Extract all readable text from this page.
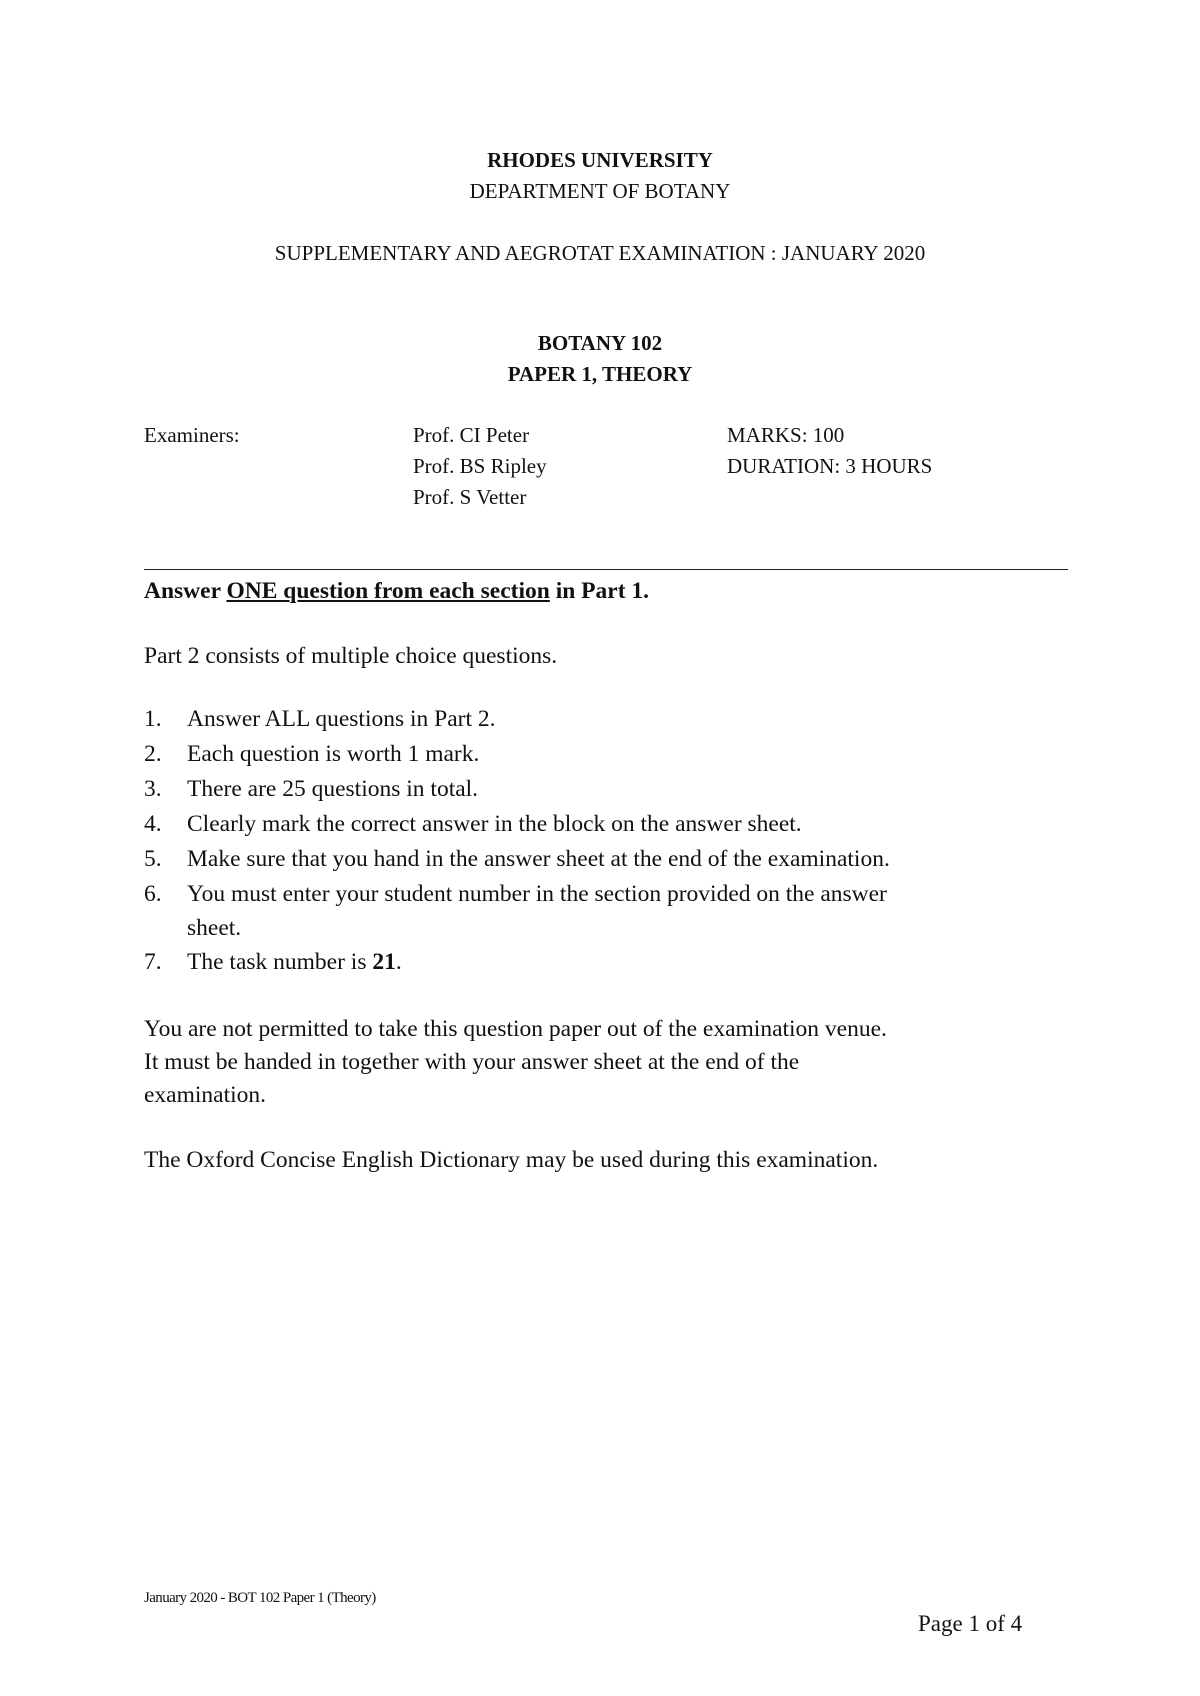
RHODES UNIVERSITY
DEPARTMENT OF BOTANY
SUPPLEMENTARY AND AEGROTAT EXAMINATION : JANUARY 2020
BOTANY 102
PAPER 1, THEORY
Examiners:	Prof. CI Peter
Prof. BS Ripley
Prof. S Vetter
MARKS: 100
DURATION: 3 HOURS
Answer ONE question from each section in Part 1.
Part 2 consists of multiple choice questions.
1. Answer ALL questions in Part 2.
2. Each question is worth 1 mark.
3. There are 25 questions in total.
4. Clearly mark the correct answer in the block on the answer sheet.
5. Make sure that you hand in the answer sheet at the end of the examination.
6. You must enter your student number in the section provided on the answer
sheet.
7. The task number is 21.
You are not permitted to take this question paper out of the examination venue.
It must be handed in together with your answer sheet at the end of the
examination.
The Oxford Concise English Dictionary may be used during this examination.
January 2020 - BOT 102 Paper 1 (Theory)
Page 1 of 4
